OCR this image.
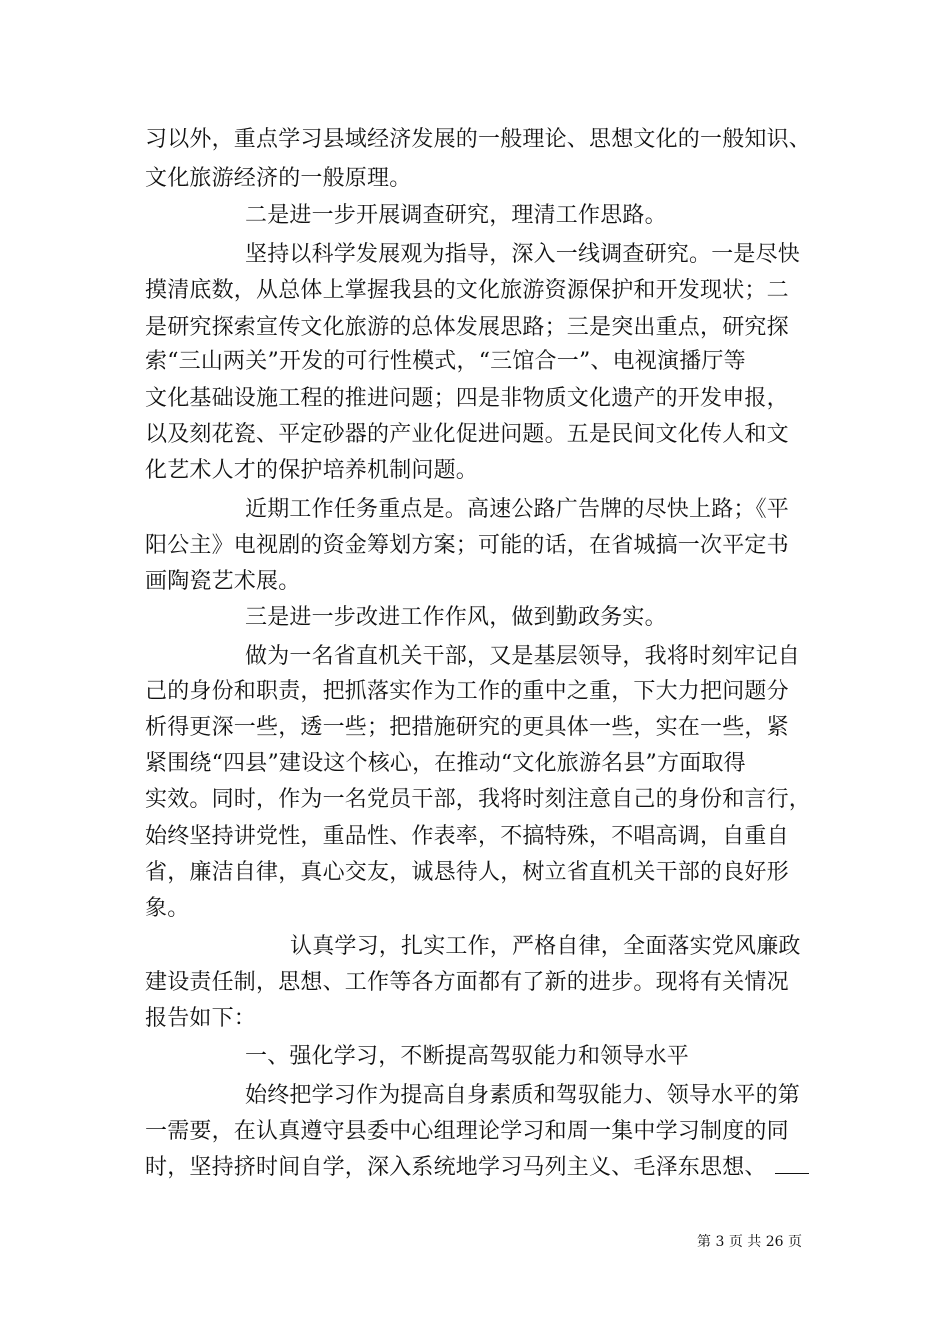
习以外，重点学习县域经济发展的一般理论、思想文化的一般知识、
文化旅游经济的一般原理。
二是进一步开展调查研究，理清工作思路。
坚持以科学发展观为指导，深入一线调查研究。一是尽快
摸清底数，从总体上掌握我县的文化旅游资源保护和开发现状；二
是研究探索宣传文化旅游的总体发展思路；三是突出重点，研究探
索“三山两关”开发的可行性模式，“三馆合一”、电视演播厅等
文化基础设施工程的推进问题；四是非物质文化遗产的开发申报，
以及刻花瓷、平定砂器的产业化促进问题。五是民间文化传人和文
化艺术人才的保护培养机制问题。
近期工作任务重点是。高速公路广告牌的尽快上路；《平
阳公主》电视剧的资金筹划方案；可能的话，在省城搞一次平定书
画陶瓷艺术展。
三是进一步改进工作作风，做到勤政务实。
做为一名省直机关干部，又是基层领导，我将时刻牢记自
己的身份和职责，把抓落实作为工作的重中之重，下大力把问题分
析得更深一些，透一些；把措施研究的更具体一些，实在一些，紧
紧围绕“四县”建设这个核心，在推动“文化旅游名县”方面取得
实效。同时，作为一名党员干部，我将时刻注意自己的身份和言行，
始终坚持讲党性，重品性、作表率，不搞特殊，不唱高调，自重自
省，廉洁自律，真心交友，诚恳待人，树立省直机关干部的良好形
象。
认真学习，扎实工作，严格自律，全面落实党风廉政
建设责任制，思想、工作等各方面都有了新的进步。现将有关情况
报告如下：
一、强化学习，不断提高驾驭能力和领导水平
始终把学习作为提高自身素质和驾驭能力、领导水平的第
一需要，在认真遵守县委中心组理论学习和周一集中学习制度的同
时，坚持挤时间自学，深入系统地学习马列主义、毛泽东思想、
第 3 页 共 26 页
